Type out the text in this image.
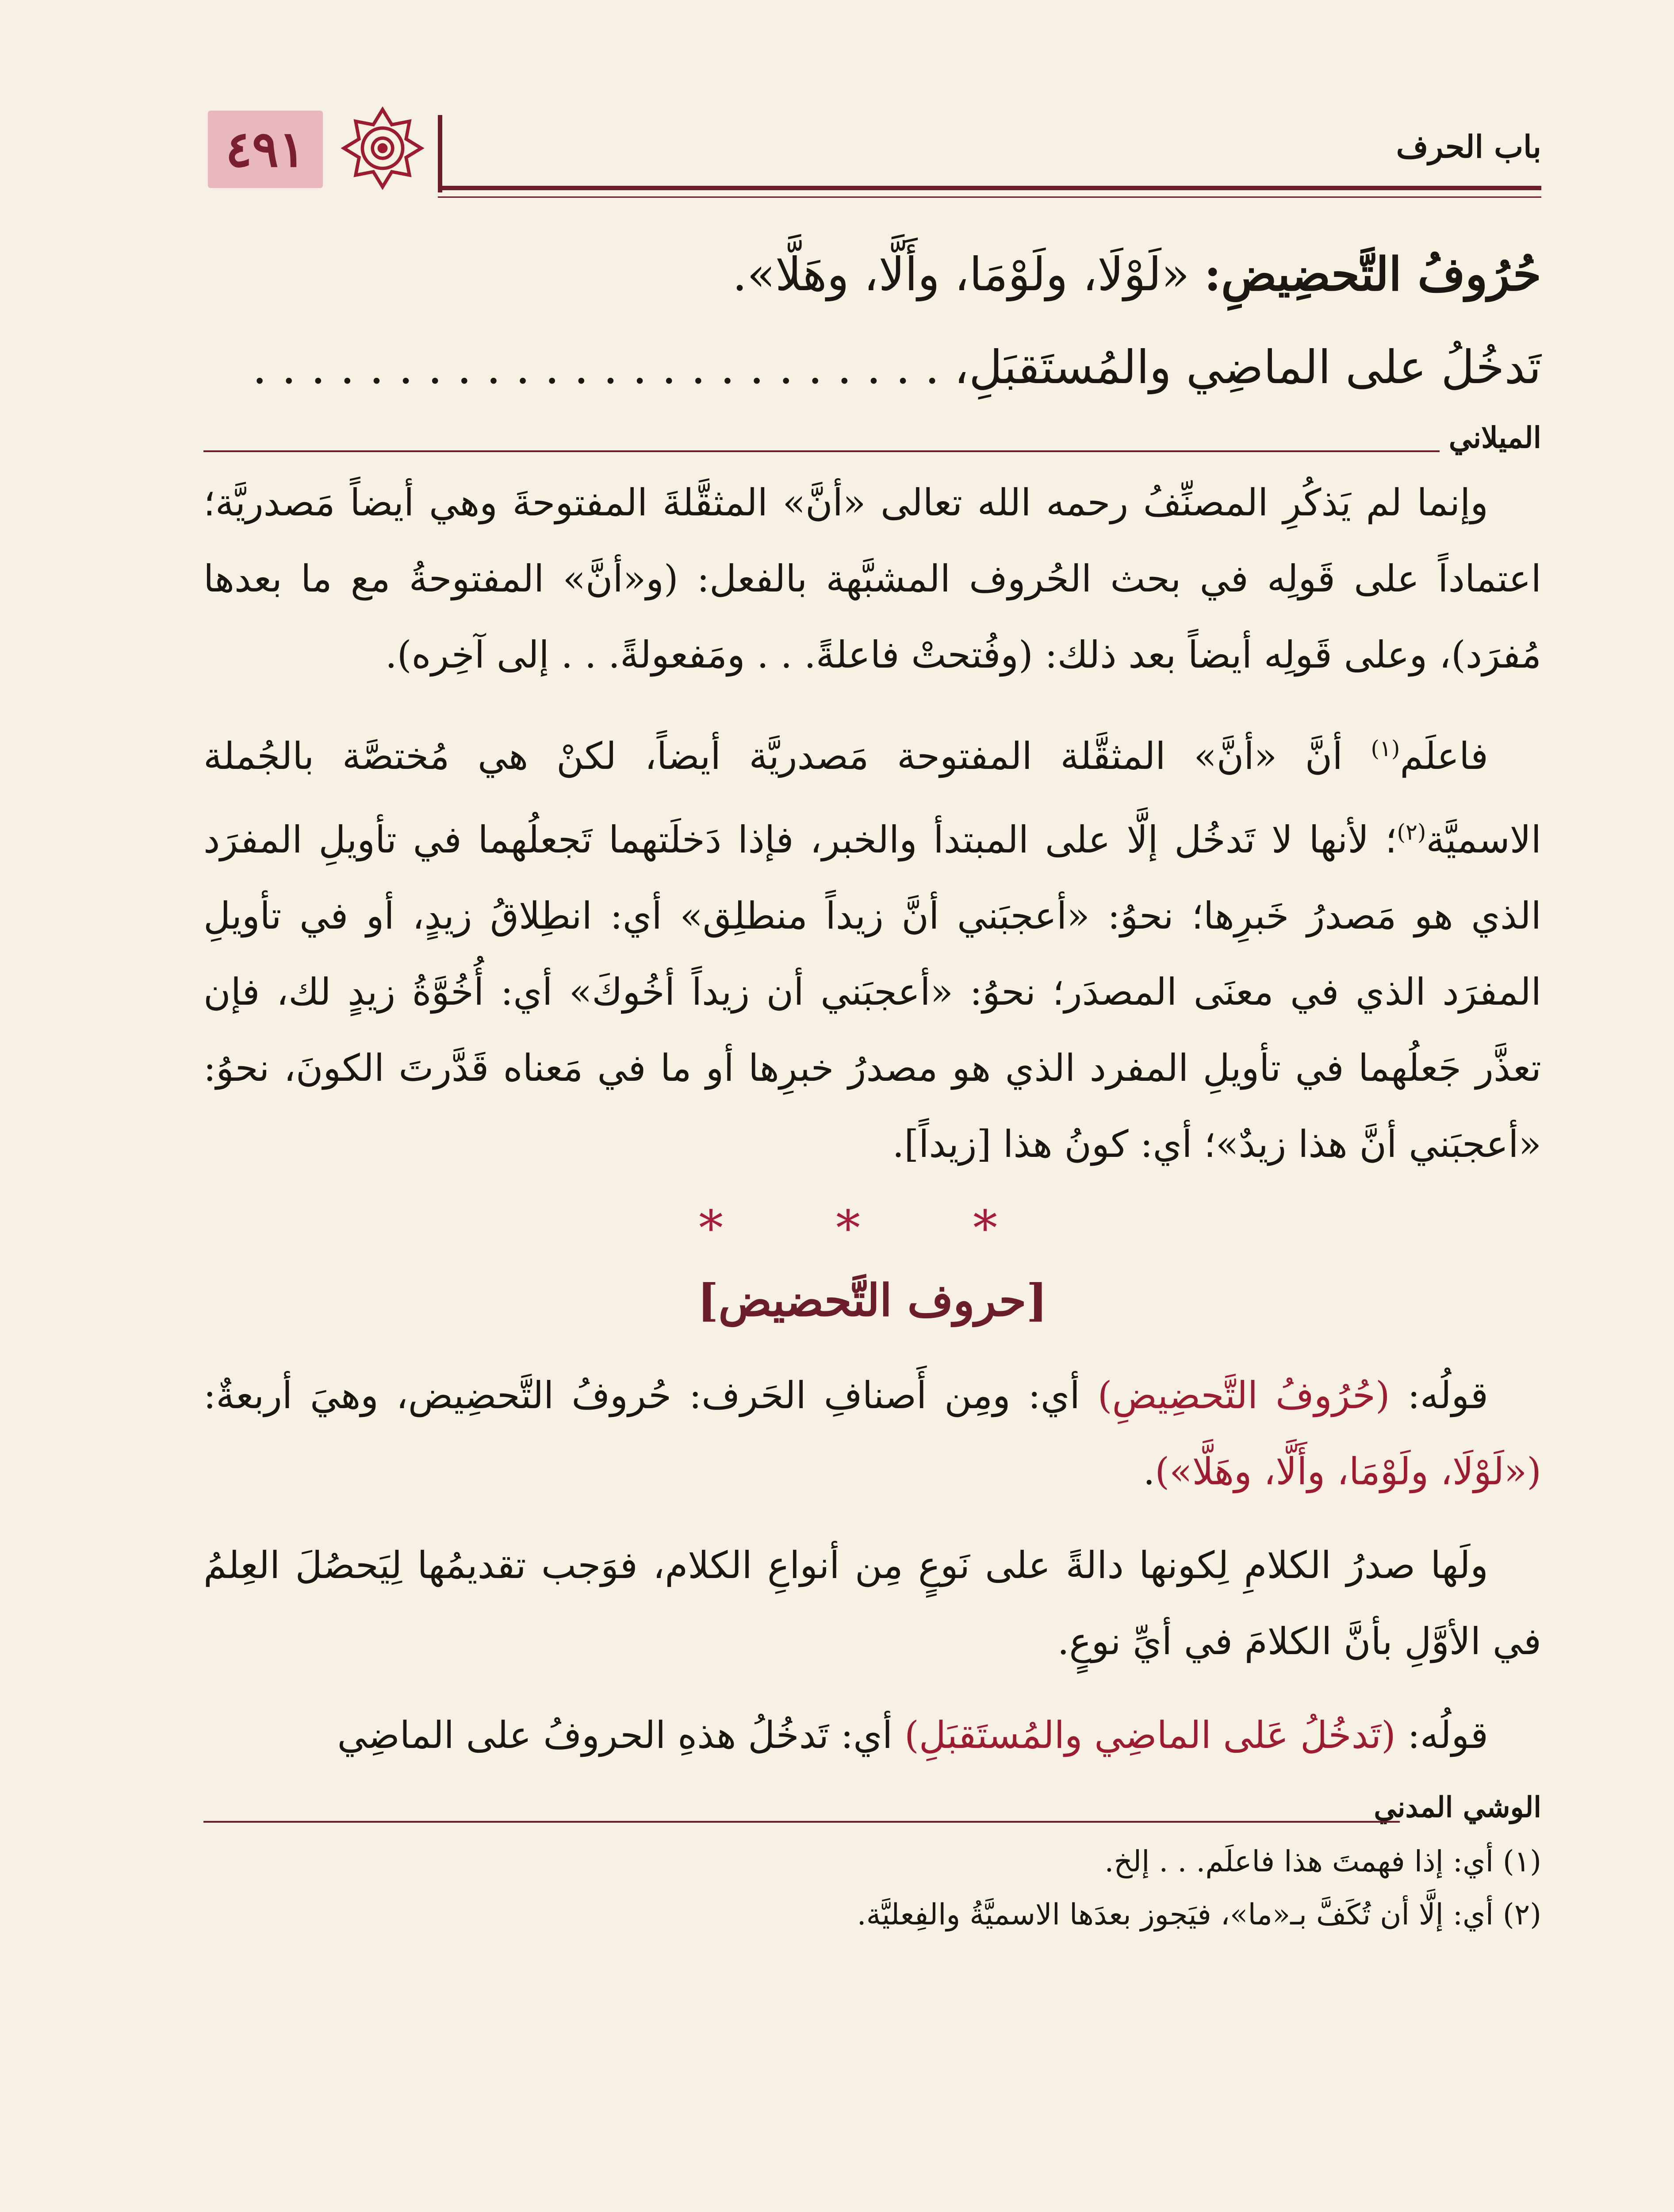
٤٩١	باب الحرف

حُرُوفُ التَّحضِيضِ: «لَوْلَا، ولَوْمَا، وأَلَّا، وهَلَّا».

تَدخُلُ على الماضِي والمُستَقبَلِ، . . . . . . . . . . . . . . . . . . . . . . . .

الميلاني

وإنما لم يَذكُرِ المصنِّفُ رحمه الله تعالى «أنَّ» المثقَّلةَ المفتوحةَ وهي أيضاً مَصدريَّة؛ اعتماداً على قَولِه في بحث الحُروف المشبَّهة بالفعل: (و«أنَّ» المفتوحةُ مع ما بعدها مُفرَد)، وعلى قَولِه أيضاً بعد ذلك: (وفُتحتْ فاعلةً. . . ومَفعولةً. . . إلى آخِره).

فاعلَم$^{(١)}$ أنَّ «أنَّ» المثقَّلة المفتوحة مَصدريَّة أيضاً، لكنْ هي مُختصَّة بالجُملة الاسميَّة$^{(٢)}$؛ لأنها لا تَدخُل إلَّا على المبتدأ والخبر، فإذا دَخلَتهما تَجعلُهما في تأويلِ المفرَد الذي هو مَصدرُ خَبرِها؛ نحوُ: «أعجبَني أنَّ زيداً منطلِق» أي: انطِلاقُ زيدٍ، أو في تأويلِ المفرَد الذي في معنَى المصدَر؛ نحوُ: «أعجبَني أن زيداً أخُوكَ» أي: أُخُوَّةُ زيدٍ لك، فإن تعذَّر جَعلُهما في تأويلِ المفرد الذي هو مصدرُ خبرِها أو ما في مَعناه قَدَّرتَ الكونَ، نحوُ: «أعجبَني أنَّ هذا زيدٌ»؛ أي: كونُ هذا [زيداً].

* * *
[حروف التَّحضيض]

قولُه: (حُرُوفُ التَّحضِيضِ) أي: ومِن أَصنافِ الحَرف: حُروفُ التَّحضِيض، وهيَ أربعةٌ: («لَوْلَا، ولَوْمَا، وأَلَّا، وهَلَّا»).

ولَها صدرُ الكلامِ لِكونها دالةً على نَوعٍ مِن أنواعِ الكلام، فوَجب تقديمُها لِيَحصُلَ العِلمُ في الأوَّلِ بأنَّ الكلامَ في أيِّ نوعٍ.

قولُه: (تَدخُلُ عَلى الماضِي والمُستَقبَلِ) أي: تَدخُلُ هذهِ الحروفُ على الماضِي

الوشي المدني

(١) أي: إذا فهمتَ هذا فاعلَم. . . إلخ.

(٢) أي: إلَّا أن تُكَفَّ بـ«ما»، فيَجوز بعدَها الاسميَّةُ والفِعليَّة.
